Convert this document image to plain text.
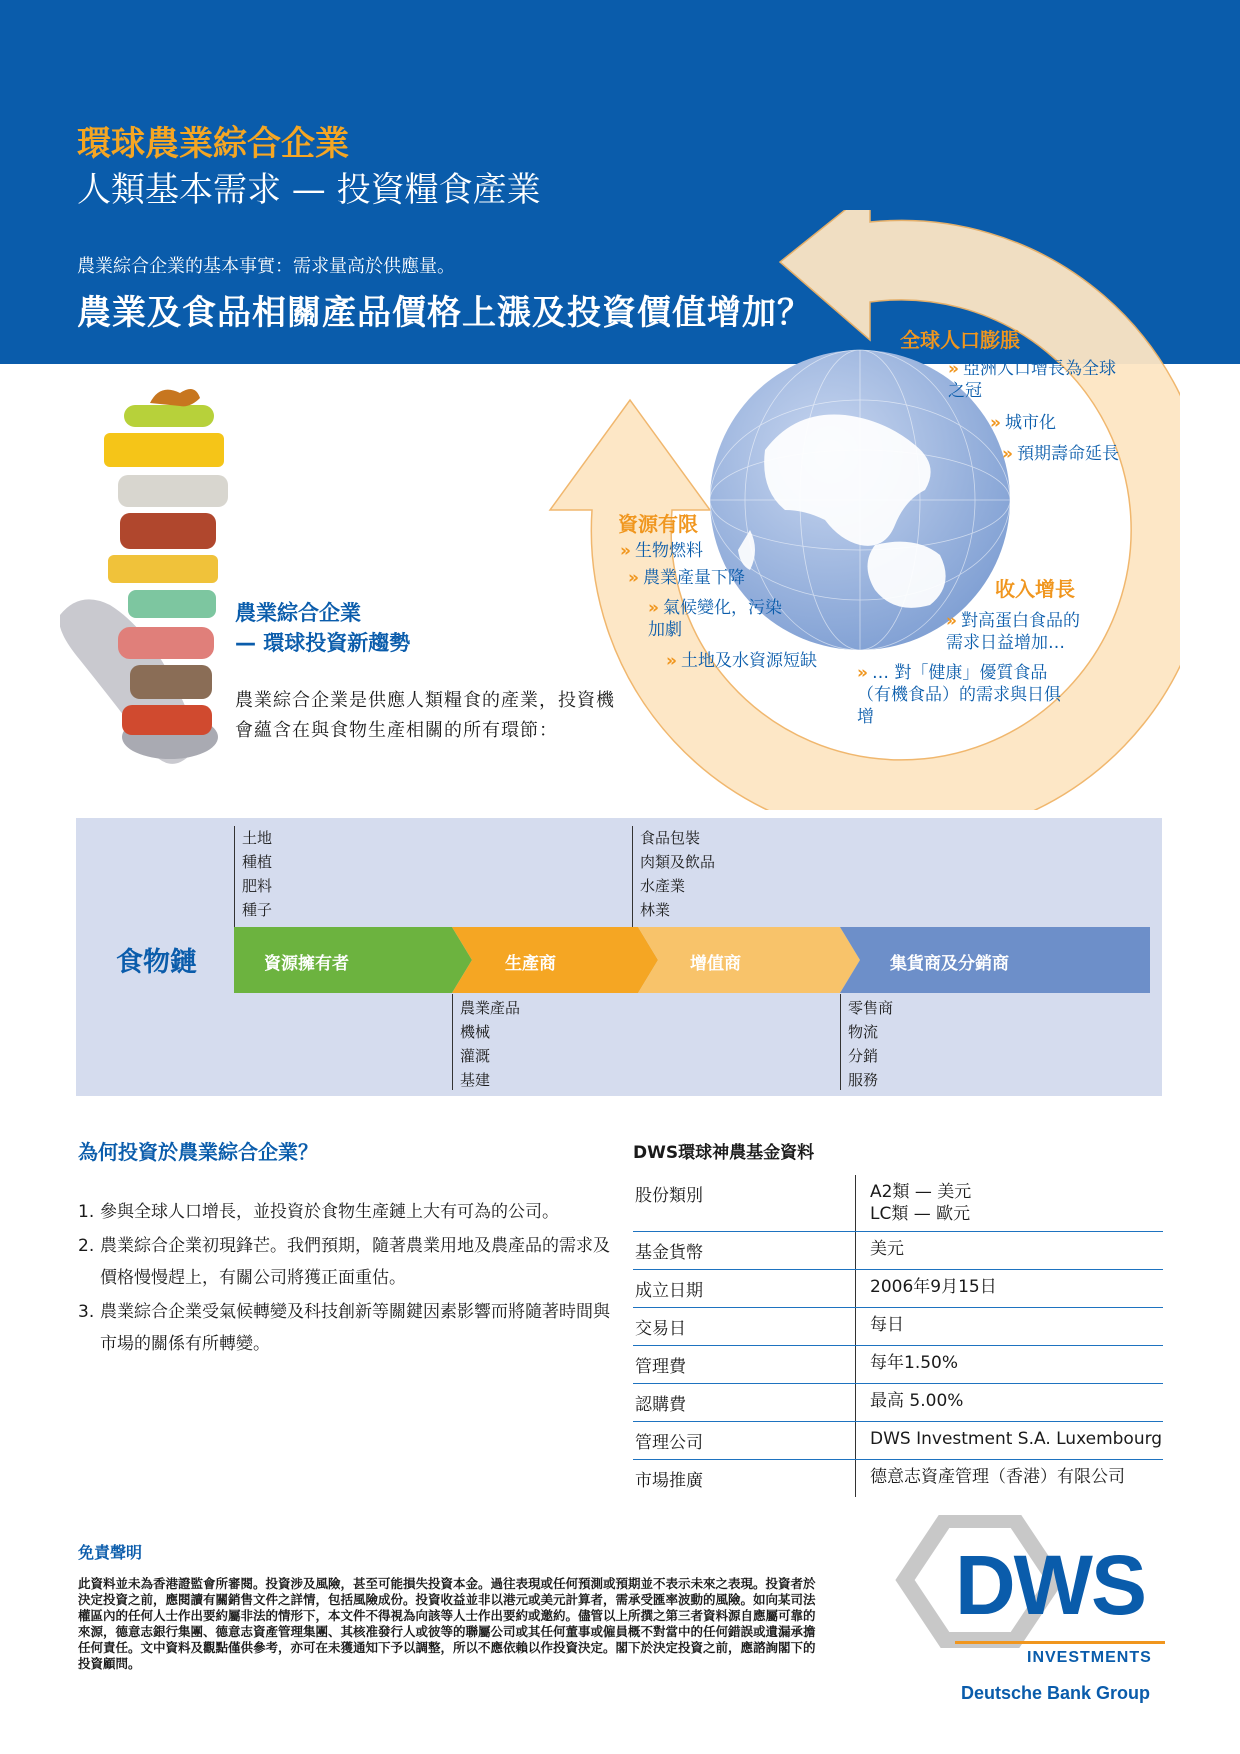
環球農業綜合企業
人類基本需求 — 投資糧食產業
農業綜合企業的基本事實：需求量高於供應量。
農業及食品相關產品價格上漲及投資價值增加？
全球人口膨脹
» 亞洲人口增長為全球之冠
» 城市化
» 預期壽命延長
資源有限
» 生物燃料
» 農業產量下降
» 氣候變化，污染加劇
» 土地及水資源短缺
收入增長
» 對高蛋白食品的需求日益增加…
» … 對「健康」優質食品（有機食品）的需求與日俱增
農業綜合企業
— 環球投資新趨勢
農業綜合企業是供應人類糧食的產業，投資機會蘊含在與食物生產相關的所有環節：
食物鏈
土地
種植
肥料
種子
食品包裝
肉類及飲品
水產業
林業
資源擁有者	生產商	增值商	集貨商及分銷商
農業產品
機械
灌溉
基建
零售商
物流
分銷
服務
為何投資於農業綜合企業？
1. 參與全球人口增長，並投資於食物生產鏈上大有可為的公司。
2. 農業綜合企業初現鋒芒。我們預期，隨著農業用地及農產品的需求及價格慢慢趕上，有關公司將獲正面重估。
3. 農業綜合企業受氣候轉變及科技創新等關鍵因素影響而將隨著時間與市場的關係有所轉變。
DWS環球神農基金資料
股份類別	A2類 — 美元
LC類 — 歐元

基金貨幣	美元
成立日期	2006年9月15日
交易日	每日
管理費	每年1.50%
認購費	最高 5.00%
管理公司	DWS Investment S.A. Luxembourg
市場推廣	德意志資產管理（香港）有限公司
免責聲明
此資料並未為香港證監會所審閱。投資涉及風險，甚至可能損失投資本金。過往表現或任何預測或預期並不表示未來之表現。投資者於決定投資之前，應閱讀有關銷售文件之詳情，包括風險成份。投資收益並非以港元或美元計算者，需承受匯率波動的風險。如向某司法權區內的任何人士作出要約屬非法的情形下，本文件不得視為向該等人士作出要約或邀約。儘管以上所撰之第三者資料源自應屬可靠的來源，德意志銀行集團、德意志資產管理集團、其核准發行人或彼等的聯屬公司或其任何董事或僱員概不對當中的任何錯誤或遺漏承擔任何責任。文中資料及觀點僅供參考，亦可在未獲通知下予以調整，所以不應依賴以作投資決定。閣下於決定投資之前，應諮詢閣下的投資顧問。
DWS
INVESTMENTS
Deutsche Bank Group
